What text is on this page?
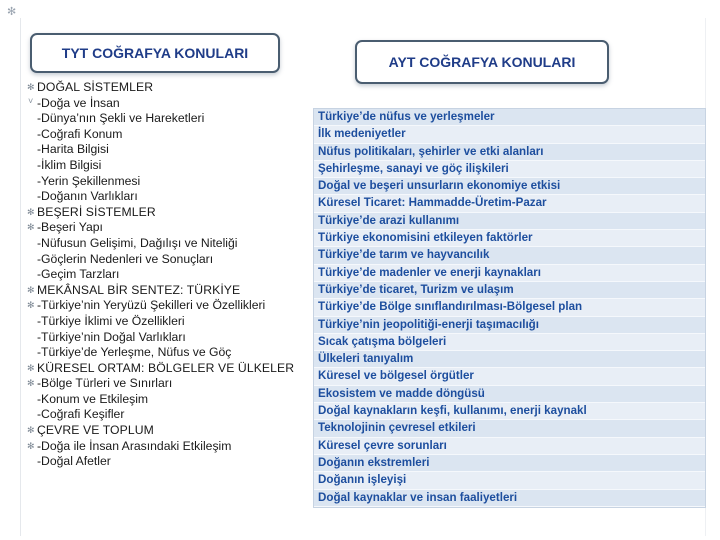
✻
TYT COĞRAFYA KONULARI
AYT COĞRAFYA KONULARI
✻ DOĞAL SİSTEMLER
˅ -Doğa ve İnsan
-Dünya’nın Şekli ve Hareketleri
-Coğrafi Konum
-Harita Bilgisi
-İklim Bilgisi
-Yerin Şekillenmesi
-Doğanın Varlıkları
✻ BEŞERİ SİSTEMLER
✻ -Beşeri Yapı
-Nüfusun Gelişimi, Dağılışı ve Niteliği
-Göçlerin Nedenleri ve Sonuçları
-Geçim Tarzları
✻ MEKÂNSAL BİR SENTEZ: TÜRKİYE
✻ -Türkiye’nin Yeryüzü Şekilleri ve Özellikleri
-Türkiye İklimi ve Özellikleri
-Türkiye’nin Doğal Varlıkları
-Türkiye’de Yerleşme, Nüfus ve Göç
✻ KÜRESEL ORTAM: BÖLGELER VE ÜLKELER
✻ -Bölge Türleri ve Sınırları
-Konum ve Etkileşim
-Coğrafi Keşifler
✻ ÇEVRE VE TOPLUM
✻ -Doğa ile İnsan Arasındaki Etkileşim
-Doğal Afetler
Türkiye’de nüfus ve yerleşmeler
İlk medeniyetler
Nüfus politikaları, şehirler ve etki alanları
Şehirleşme, sanayi ve göç ilişkileri
Doğal ve beşeri unsurların ekonomiye etkisi
Küresel Ticaret: Hammadde-Üretim-Pazar
Türkiye’de arazi kullanımı
Türkiye ekonomisini etkileyen faktörler
Türkiye’de tarım ve hayvancılık
Türkiye’de madenler ve enerji kaynakları
Türkiye’de ticaret, Turizm ve ulaşım
Türkiye’de Bölge sınıflandırılması-Bölgesel plan
Türkiye’nin jeopolitiği-enerji taşımacılığı
Sıcak çatışma bölgeleri
Ülkeleri tanıyalım
Küresel ve bölgesel örgütler
Ekosistem ve madde döngüsü
Doğal kaynakların keşfi, kullanımı, enerji kaynakl
Teknolojinin çevresel etkileri
Küresel çevre sorunları
Doğanın ekstremleri
Doğanın işleyişi
Doğal kaynaklar ve insan faaliyetleri
